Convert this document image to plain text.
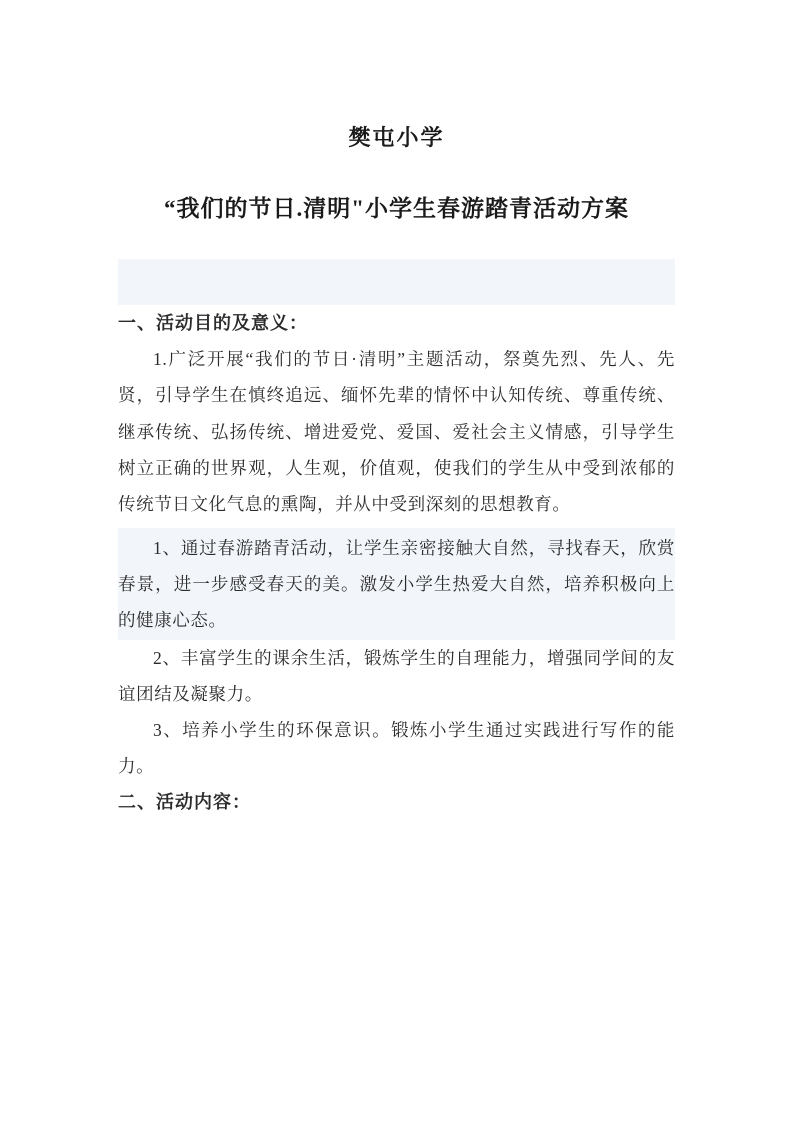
樊屯小学
“我们的节日.清明"小学生春游踏青活动方案
一、活动目的及意义：

1.广泛开展“我们的节日·清明”主题活动，祭奠先烈、先人、先贤，引导学生在慎终追远、缅怀先辈的情怀中认知传统、尊重传统、继承传统、弘扬传统、增进爱党、爱国、爱社会主义情感，引导学生树立正确的世界观，人生观，价值观，使我们的学生从中受到浓郁的传统节日文化气息的熏陶，并从中受到深刻的思想教育。

1、通过春游踏青活动，让学生亲密接触大自然，寻找春天，欣赏春景，进一步感受春天的美。激发小学生热爱大自然，培养积极向上的健康心态。

2、丰富学生的课余生活，锻炼学生的自理能力，增强同学间的友谊团结及凝聚力。

3、培养小学生的环保意识。锻炼小学生通过实践进行写作的能力。

二、活动内容：
